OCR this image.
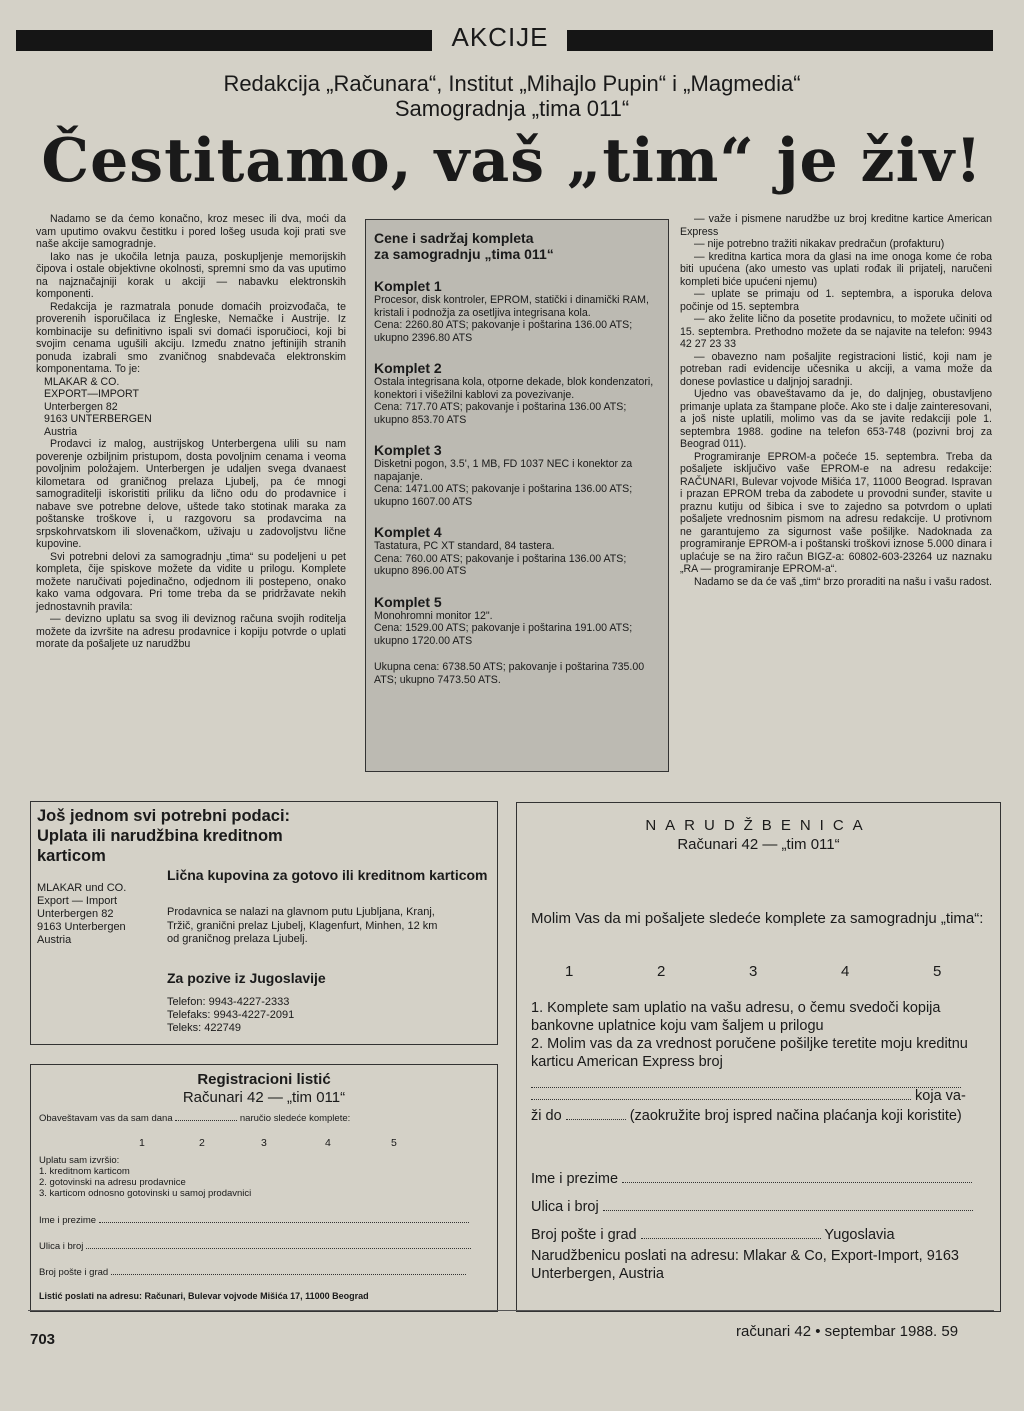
AKCIJE
Redakcija „Računara“, Institut „Mihajlo Pupin“ i „Magmedia“
Samogradnja „tima 011“
Čestitamo, vaš „tim“ je živ!

Nadamo se da ćemo konačno, kroz mesec ili dva, moći da vam uputimo ovakvu čestitku i pored lošeg usuda koji prati sve naše akcije samogradnje.

Iako nas je ukočila letnja pauza, poskupljenje memorijskih čipova i ostale objektivne okolnosti, spremni smo da vas uputimo na najznačajniji korak u akciji — nabavku elektronskih komponenti.

Redakcija je razmatrala ponude domaćih proizvođača, te proverenih isporučilaca iz Engleske, Nemačke i Austrije. Iz kombinacije su definitivno ispali svi domaći isporučioci, koji bi svojim cenama ugušili akciju. Između znatno jeftinijih stranih ponuda izabrali smo zvaničnog snabdevača elektronskim komponentama. To je:

MLAKAR & CO.
EXPORT—IMPORT
Unterbergen 82
9163 UNTERBERGEN
Austria

Prodavci iz malog, austrijskog Unterbergena ulili su nam poverenje ozbiljnim pristupom, dosta povoljnim cenama i veoma povoljnim položajem. Unterbergen je udaljen svega dvanaest kilometara od graničnog prelaza Ljubelj, pa će mnogi samograditelji iskoristiti priliku da lično odu do prodavnice i nabave sve potrebne delove, uštede tako stotinak maraka za poštanske troškove i, u razgovoru sa prodavcima na srpskohrvatskom ili slovenačkom, uživaju u zadovoljstvu lične kupovine.

Svi potrebni delovi za samogradnju „tima“ su podeljeni u pet kompleta, čije spiskove možete da vidite u prilogu. Komplete možete naručivati pojedinačno, odjednom ili postepeno, onako kako vama odgovara. Pri tome treba da se pridržavate nekih jednostavnih pravila:

— devizno uplatu sa svog ili deviznog računa svojih roditelja možete da izvršite na adresu prodavnice i kopiju potvrde o uplati morate da pošaljete uz narudžbu

Cene i sadržaj kompleta
za samogradnju „tima 011“
Komplet 1

Procesor, disk kontroler, EPROM, statički i dinamički RAM, kristali i podnožja za osetljiva integrisana kola.

Cena: 2260.80 ATS; pakovanje i poštarina 136.00 ATS; ukupno 2396.80 ATS

Komplet 2

Ostala integrisana kola, otporne dekade, blok kondenzatori, konektori i višežilni kablovi za povezivanje.

Cena: 717.70 ATS; pakovanje i poštarina 136.00 ATS; ukupno 853.70 ATS

Komplet 3

Disketni pogon, 3.5', 1 MB, FD 1037 NEC i konektor za napajanje.

Cena: 1471.00 ATS; pakovanje i poštarina 136.00 ATS; ukupno 1607.00 ATS

Komplet 4

Tastatura, PC XT standard, 84 tastera.

Cena: 760.00 ATS; pakovanje i poštarina 136.00 ATS; ukupno 896.00 ATS

Komplet 5

Monohromni monitor 12".

Cena: 1529.00 ATS; pakovanje i poštarina 191.00 ATS; ukupno 1720.00 ATS

Ukupna cena: 6738.50 ATS; pakovanje i poštarina 735.00 ATS; ukupno 7473.50 ATS.

— važe i pismene narudžbe uz broj kreditne kartice American Express

— nije potrebno tražiti nikakav predračun (profakturu)

— kreditna kartica mora da glasi na ime onoga kome će roba biti upućena (ako umesto vas uplati rođak ili prijatelj, naručeni kompleti biće upućeni njemu)

— uplate se primaju od 1. septembra, a isporuka delova počinje od 15. septembra

— ako želite lično da posetite prodavnicu, to možete učiniti od 15. septembra. Prethodno možete da se najavite na telefon: 9943 42 27 23 33

— obavezno nam pošaljite registracioni listić, koji nam je potreban radi evidencije učesnika u akciji, a vama može da donese povlastice u daljnjoj saradnji.

Ujedno vas obaveštavamo da je, do daljnjeg, obustavljeno primanje uplata za štampane ploče. Ako ste i dalje zainteresovani, a još niste uplatili, molimo vas da se javite redakciji pole 1. septembra 1988. godine na telefon 653-748 (pozivni broj za Beograd 011).

Programiranje EPROM-a počeće 15. septembra. Treba da pošaljete isključivo vaše EPROM-e na adresu redakcije: RAČUNARI, Bulevar vojvode Mišića 17, 11000 Beograd. Ispravan i prazan EPROM treba da zabodete u provodni sunđer, stavite u praznu kutiju od šibica i sve to zajedno sa potvrdom o uplati pošaljete vrednosnim pismom na adresu redakcije. U protivnom ne garantujemo za sigurnost vaše pošiljke. Nadoknada za programiranje EPROM-a i poštanski troškovi iznose 5.000 dinara i uplaćuje se na žiro račun BIGZ-a: 60802-603-23264 uz naznaku „RA — programiranje EPROM-a“.

Nadamo se da će vaš „tim“ brzo proraditi na našu i vašu radost.

Još jednom svi potrebni podaci: Uplata ili narudžbina kreditnom karticom
MLAKAR und CO.
Export — Import
Unterbergen 82
9163 Unterbergen
Austria
Lična kupovina za gotovo ili kreditnom karticom
Prodavnica se nalazi na glavnom putu Ljubljana, Kranj, Tržič, granični prelaz Ljubelj, Klagenfurt, Minhen, 12 km od graničnog prelaza Ljubelj.
Za pozive iz Jugoslavije
Telefon: 9943-4227-2333
Telefaks: 9943-4227-2091
Teleks: 422749
Registracioni listić
Računari 42 — „tim 011“
Obaveštavam vas da sam dana	naručio sledeće komplete:
1	2	3	4	5
Uplatu sam izvršio:
1. kreditnom karticom
2. gotovinski na adresu prodavnice
3. karticom odnosno gotovinski u samoj prodavnici
Ime i prezime
Ulica i broj
Broj pošte i grad
Listić poslati na adresu: Računari, Bulevar vojvode Mišića 17, 11000 Beograd
NARUDŽBENICA
Računari 42 — „tim 011“
Molim Vas da mi pošaljete sledeće komplete za samogradnju „tima“:
1	2	3	4	5
1. Komplete sam uplatio na vašu adresu, o čemu svedoči kopija bankovne uplatnice koju vam šaljem u prilogu
2. Molim vas da za vrednost poručene pošiljke teretite moju kreditnu karticu American Express broj
koja va-
ži do	(zaokružite broj ispred načina plaćanja koji koristite)
Ime i prezime
Ulica i broj
Broj pošte i grad	Yugoslavia
Narudžbenicu poslati na adresu: Mlakar & Co, Export-Import, 9163 Unterbergen, Austria
703	računari 42 • septembar 1988. 59
